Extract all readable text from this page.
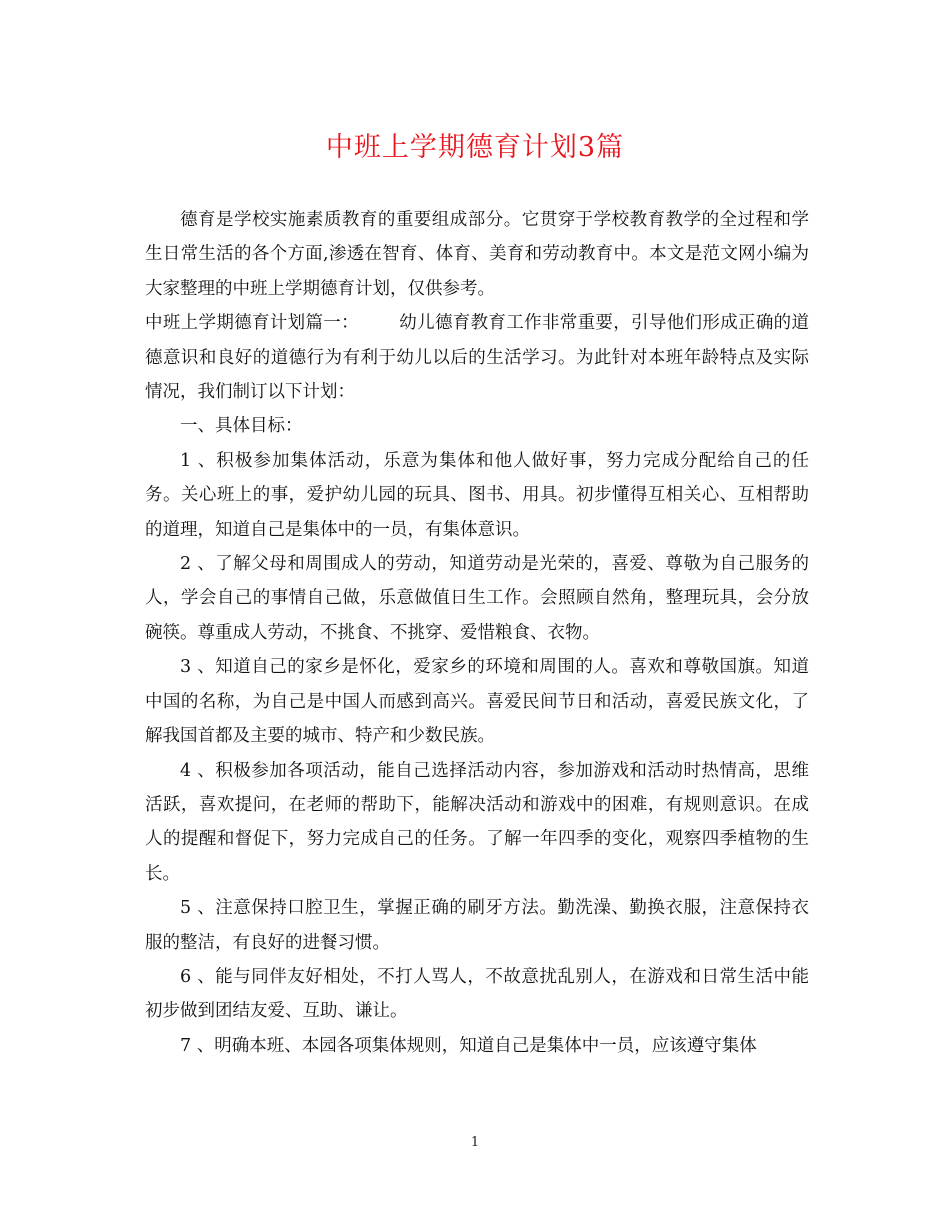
中班上学期德育计划3篇

德育是学校实施素质教育的重要组成部分。它贯穿于学校教育教学的全过程和学生日常生活的各个方面,渗透在智育、体育、美育和劳动教育中。本文是范文网小编为大家整理的中班上学期德育计划，仅供参考。

中班上学期德育计划篇一： 幼儿德育教育工作非常重要，引导他们形成正确的道德意识和良好的道德行为有利于幼儿以后的生活学习。为此针对本班年龄特点及实际情况，我们制订以下计划：

一、具体目标：

1 、积极参加集体活动，乐意为集体和他人做好事，努力完成分配给自己的任务。关心班上的事，爱护幼儿园的玩具、图书、用具。初步懂得互相关心、互相帮助的道理，知道自己是集体中的一员，有集体意识。

2 、了解父母和周围成人的劳动，知道劳动是光荣的，喜爱、尊敬为自己服务的人，学会自己的事情自己做，乐意做值日生工作。会照顾自然角，整理玩具，会分放碗筷。尊重成人劳动，不挑食、不挑穿、爱惜粮食、衣物。

3 、知道自己的家乡是怀化，爱家乡的环境和周围的人。喜欢和尊敬国旗。知道中国的名称，为自己是中国人而感到高兴。喜爱民间节日和活动，喜爱民族文化，了解我国首都及主要的城市、特产和少数民族。

4 、积极参加各项活动，能自己选择活动内容，参加游戏和活动时热情高，思维活跃，喜欢提问，在老师的帮助下，能解决活动和游戏中的困难，有规则意识。在成人的提醒和督促下，努力完成自己的任务。了解一年四季的变化，观察四季植物的生长。

5 、注意保持口腔卫生，掌握正确的刷牙方法。勤洗澡、勤换衣服，注意保持衣服的整洁，有良好的进餐习惯。

6 、能与同伴友好相处，不打人骂人，不故意扰乱别人，在游戏和日常生活中能初步做到团结友爱、互助、谦让。

7 、明确本班、本园各项集体规则，知道自己是集体中一员，应该遵守集体

1
